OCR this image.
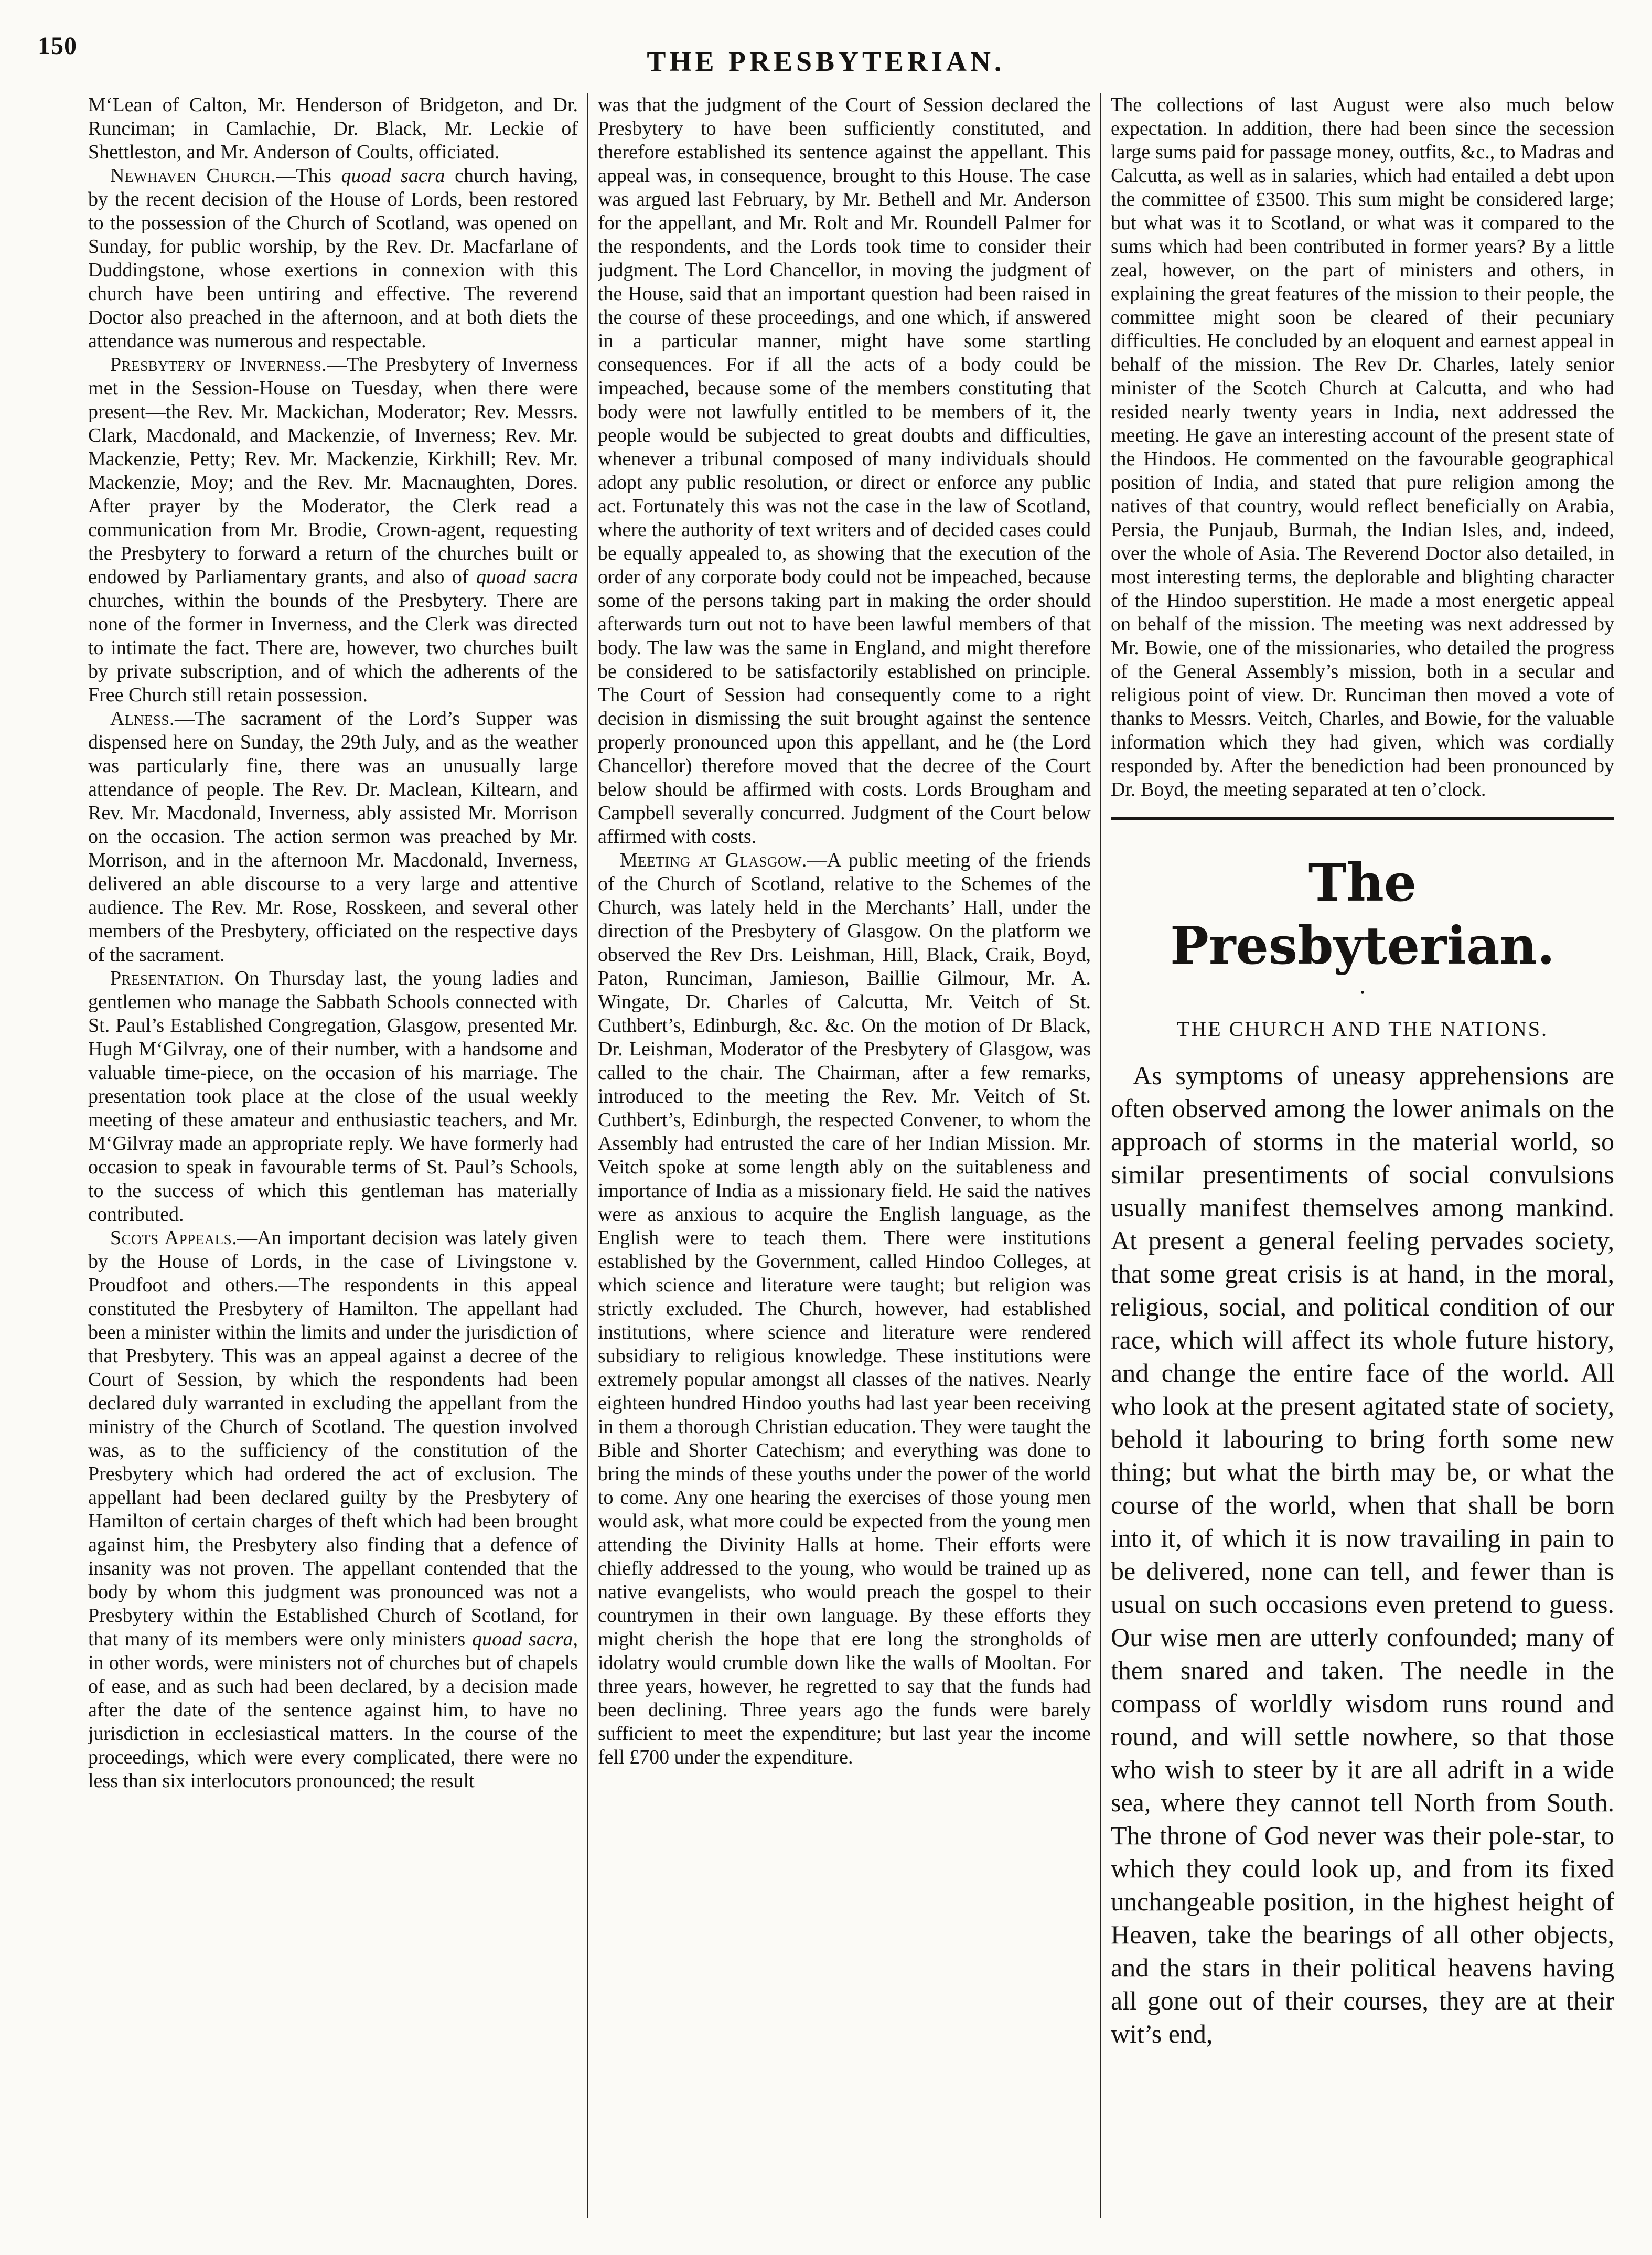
150	THE PRESBYTERIAN.

M‘Lean of Calton, Mr. Henderson of Bridgeton, and Dr. Runciman; in Camlachie, Dr. Black, Mr. Leckie of Shettleston, and Mr. Anderson of Coults, officiated.

Newhaven Church.—This quoad sacra church having, by the recent decision of the House of Lords, been restored to the possession of the Church of Scotland, was opened on Sunday, for public worship, by the Rev. Dr. Macfarlane of Duddingstone, whose exertions in connexion with this church have been untiring and effective. The reverend Doctor also preached in the afternoon, and at both diets the attendance was numerous and respectable.

Presbytery of Inverness.—The Presbytery of Inverness met in the Session-House on Tuesday, when there were present—the Rev. Mr. Mackichan, Moderator; Rev. Messrs. Clark, Macdonald, and Mackenzie, of Inverness; Rev. Mr. Mackenzie, Petty; Rev. Mr. Mackenzie, Kirkhill; Rev. Mr. Mackenzie, Moy; and the Rev. Mr. Macnaughten, Dores. After prayer by the Moderator, the Clerk read a communication from Mr. Brodie, Crown-agent, requesting the Presbytery to forward a return of the churches built or endowed by Parliamentary grants, and also of quoad sacra churches, within the bounds of the Presbytery. There are none of the former in Inverness, and the Clerk was directed to intimate the fact. There are, however, two churches built by private subscription, and of which the adherents of the Free Church still retain possession.

Alness.—The sacrament of the Lord’s Supper was dispensed here on Sunday, the 29th July, and as the weather was particularly fine, there was an unusually large attendance of people. The Rev. Dr. Maclean, Kiltearn, and Rev. Mr. Macdonald, Inverness, ably assisted Mr. Morrison on the occasion. The action sermon was preached by Mr. Morrison, and in the afternoon Mr. Macdonald, Inverness, delivered an able discourse to a very large and attentive audience. The Rev. Mr. Rose, Rosskeen, and several other members of the Presbytery, officiated on the respective days of the sacrament.

Presentation. On Thursday last, the young ladies and gentlemen who manage the Sabbath Schools connected with St. Paul’s Established Congregation, Glasgow, presented Mr. Hugh M‘Gilvray, one of their number, with a handsome and valuable time-piece, on the occasion of his marriage. The presentation took place at the close of the usual weekly meeting of these amateur and enthusiastic teachers, and Mr. M‘Gilvray made an appropriate reply. We have formerly had occasion to speak in favourable terms of St. Paul’s Schools, to the success of which this gentleman has materially contributed.

Scots Appeals.—An important decision was lately given by the House of Lords, in the case of Livingstone v. Proudfoot and others.—The respondents in this appeal constituted the Presbytery of Hamilton. The appellant had been a minister within the limits and under the jurisdiction of that Presbytery. This was an appeal against a decree of the Court of Session, by which the respondents had been declared duly warranted in excluding the appellant from the ministry of the Church of Scotland. The question involved was, as to the sufficiency of the constitution of the Presbytery which had ordered the act of exclusion. The appellant had been declared guilty by the Presbytery of Hamilton of certain charges of theft which had been brought against him, the Presbytery also finding that a defence of insanity was not proven. The appellant contended that the body by whom this judgment was pronounced was not a Presbytery within the Established Church of Scotland, for that many of its members were only ministers quoad sacra, in other words, were ministers not of churches but of chapels of ease, and as such had been declared, by a decision made after the date of the sentence against him, to have no jurisdiction in ecclesiastical matters. In the course of the proceedings, which were every complicated, there were no less than six interlocutors pronounced; the result

was that the judgment of the Court of Session declared the Presbytery to have been sufficiently constituted, and therefore established its sentence against the appellant. This appeal was, in consequence, brought to this House. The case was argued last February, by Mr. Bethell and Mr. Anderson for the appellant, and Mr. Rolt and Mr. Roundell Palmer for the respondents, and the Lords took time to consider their judgment. The Lord Chancellor, in moving the judgment of the House, said that an important question had been raised in the course of these proceedings, and one which, if answered in a particular manner, might have some startling consequences. For if all the acts of a body could be impeached, because some of the members constituting that body were not lawfully entitled to be members of it, the people would be subjected to great doubts and difficulties, whenever a tribunal composed of many individuals should adopt any public resolution, or direct or enforce any public act. Fortunately this was not the case in the law of Scotland, where the authority of text writers and of decided cases could be equally appealed to, as showing that the execution of the order of any corporate body could not be impeached, because some of the persons taking part in making the order should afterwards turn out not to have been lawful members of that body. The law was the same in England, and might therefore be considered to be satisfactorily established on principle. The Court of Session had consequently come to a right decision in dismissing the suit brought against the sentence properly pronounced upon this appellant, and he (the Lord Chancellor) therefore moved that the decree of the Court below should be affirmed with costs. Lords Brougham and Campbell severally concurred. Judgment of the Court below affirmed with costs.

Meeting at Glasgow.—A public meeting of the friends of the Church of Scotland, relative to the Schemes of the Church, was lately held in the Merchants’ Hall, under the direction of the Presbytery of Glasgow. On the platform we observed the Rev Drs. Leishman, Hill, Black, Craik, Boyd, Paton, Runciman, Jamieson, Baillie Gilmour, Mr. A. Wingate, Dr. Charles of Calcutta, Mr. Veitch of St. Cuthbert’s, Edinburgh, &c. &c. On the motion of Dr Black, Dr. Leishman, Moderator of the Presbytery of Glasgow, was called to the chair. The Chairman, after a few remarks, introduced to the meeting the Rev. Mr. Veitch of St. Cuthbert’s, Edinburgh, the respected Convener, to whom the Assembly had entrusted the care of her Indian Mission. Mr. Veitch spoke at some length ably on the suitableness and importance of India as a missionary field. He said the natives were as anxious to acquire the English language, as the English were to teach them. There were institutions established by the Government, called Hindoo Colleges, at which science and literature were taught; but religion was strictly excluded. The Church, however, had established institutions, where science and literature were rendered subsidiary to religious knowledge. These institutions were extremely popular amongst all classes of the natives. Nearly eighteen hundred Hindoo youths had last year been receiving in them a thorough Christian education. They were taught the Bible and Shorter Catechism; and everything was done to bring the minds of these youths under the power of the world to come. Any one hearing the exercises of those young men would ask, what more could be expected from the young men attending the Divinity Halls at home. Their efforts were chiefly addressed to the young, who would be trained up as native evangelists, who would preach the gospel to their countrymen in their own language. By these efforts they might cherish the hope that ere long the strongholds of idolatry would crumble down like the walls of Mooltan. For three years, however, he regretted to say that the funds had been declining. Three years ago the funds were barely sufficient to meet the expenditure; but last year the income fell £700 under the expenditure.

The collections of last August were also much below expectation. In addition, there had been since the secession large sums paid for passage money, outfits, &c., to Madras and Calcutta, as well as in salaries, which had entailed a debt upon the committee of £3500. This sum might be considered large; but what was it to Scotland, or what was it compared to the sums which had been contributed in former years? By a little zeal, however, on the part of ministers and others, in explaining the great features of the mission to their people, the committee might soon be cleared of their pecuniary difficulties. He concluded by an eloquent and earnest appeal in behalf of the mission. The Rev Dr. Charles, lately senior minister of the Scotch Church at Calcutta, and who had resided nearly twenty years in India, next addressed the meeting. He gave an interesting account of the present state of the Hindoos. He commented on the favourable geographical position of India, and stated that pure religion among the natives of that country, would reflect beneficially on Arabia, Persia, the Punjaub, Burmah, the Indian Isles, and, indeed, over the whole of Asia. The Reverend Doctor also detailed, in most interesting terms, the deplorable and blighting character of the Hindoo superstition. He made a most energetic appeal on behalf of the mission. The meeting was next addressed by Mr. Bowie, one of the missionaries, who detailed the progress of the General Assembly’s mission, both in a secular and religious point of view. Dr. Runciman then moved a vote of thanks to Messrs. Veitch, Charles, and Bowie, for the valuable information which they had given, which was cordially responded by. After the benediction had been pronounced by Dr. Boyd, the meeting separated at ten o’clock.

The Presbyterian.
•
THE CHURCH AND THE NATIONS.

As symptoms of uneasy apprehensions are often observed among the lower animals on the approach of storms in the material world, so similar presentiments of social convulsions usually manifest themselves among mankind. At present a general feeling pervades society, that some great crisis is at hand, in the moral, religious, social, and political condition of our race, which will affect its whole future history, and change the entire face of the world. All who look at the present agitated state of society, behold it labouring to bring forth some new thing; but what the birth may be, or what the course of the world, when that shall be born into it, of which it is now travailing in pain to be delivered, none can tell, and fewer than is usual on such occasions even pretend to guess. Our wise men are utterly confounded; many of them snared and taken. The needle in the compass of worldly wisdom runs round and round, and will settle nowhere, so that those who wish to steer by it are all adrift in a wide sea, where they cannot tell North from South. The throne of God never was their pole-star, to which they could look up, and from its fixed unchangeable position, in the highest height of Heaven, take the bearings of all other objects, and the stars in their political heavens having all gone out of their courses, they are at their wit’s end,
